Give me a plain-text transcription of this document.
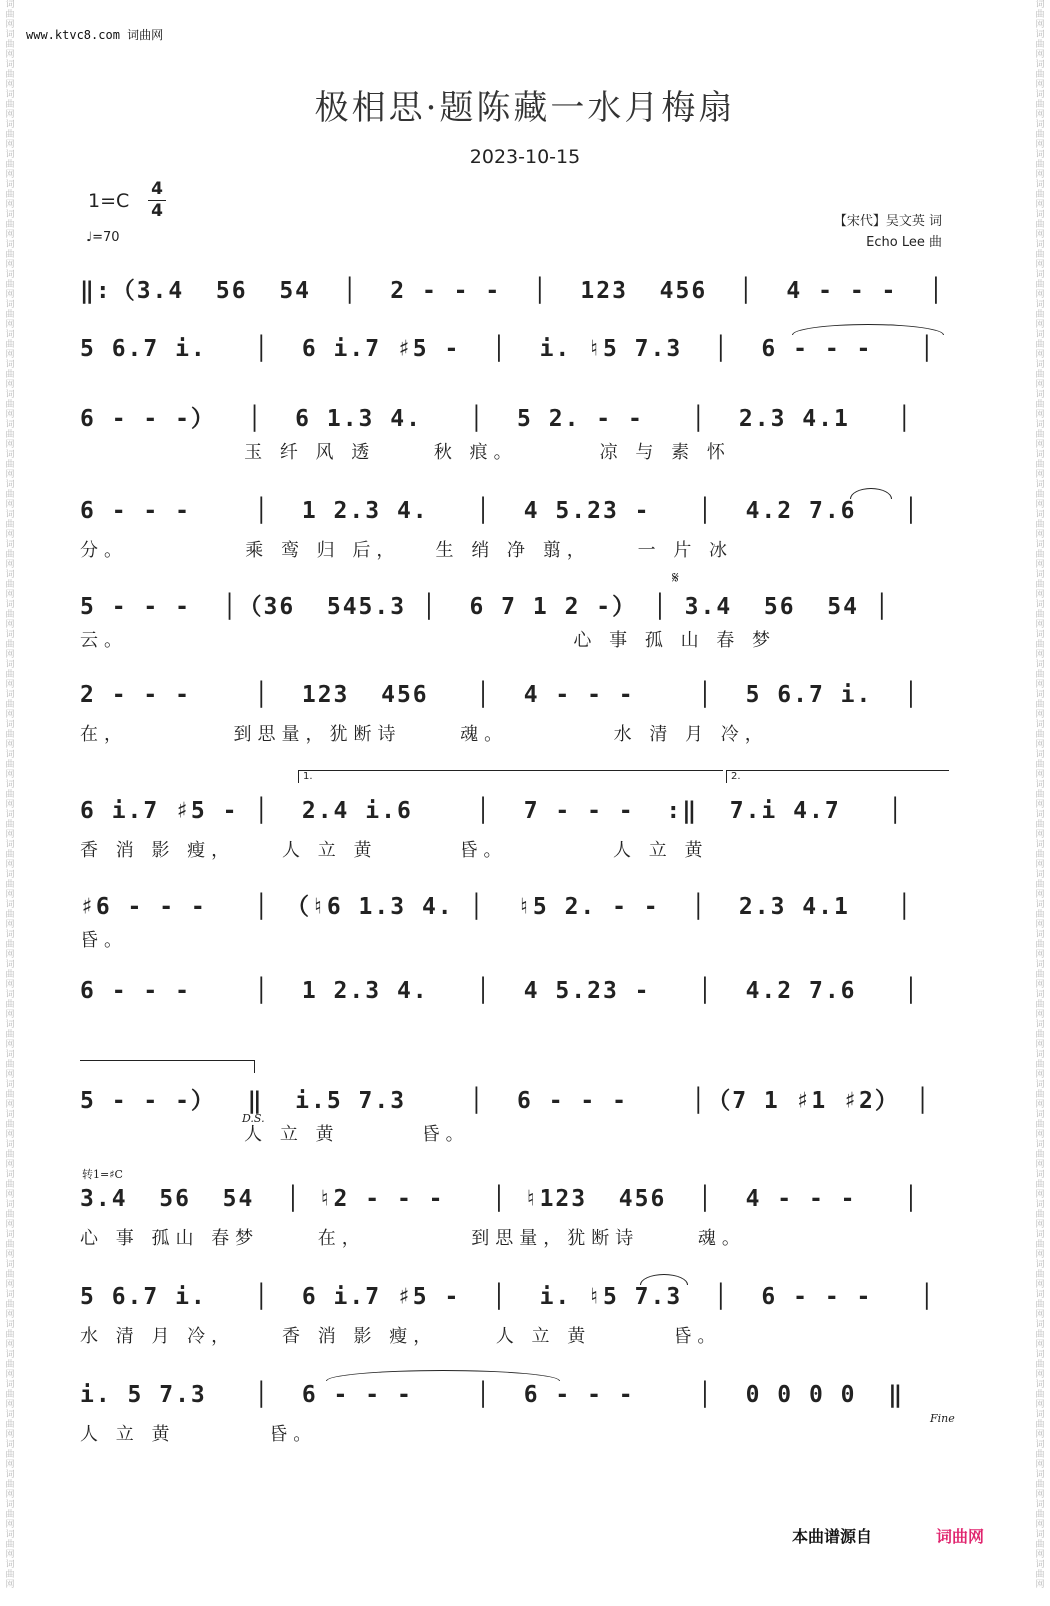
词曲网词曲网词曲网词曲网词曲网词曲网词曲网词曲网词曲网词曲网词曲网词曲网词曲网词曲网词曲网词曲网词曲网词曲网词曲网词曲网词曲网词曲网词曲网词曲网词曲网词曲网词曲网词曲网词曲网词曲网词曲网词曲网词曲网词曲网词曲网词曲网词曲网词曲网词曲网词曲网词曲网词曲网词曲网词曲网词曲网词曲网词曲网词曲网词曲网词曲网词曲网词曲网词曲网
词曲网词曲网词曲网词曲网词曲网词曲网词曲网词曲网词曲网词曲网词曲网词曲网词曲网词曲网词曲网词曲网词曲网词曲网词曲网词曲网词曲网词曲网词曲网词曲网词曲网词曲网词曲网词曲网词曲网词曲网词曲网词曲网词曲网词曲网词曲网词曲网词曲网词曲网词曲网词曲网词曲网词曲网词曲网词曲网词曲网词曲网词曲网词曲网词曲网词曲网词曲网词曲网词曲网
www.ktvc8.com 词曲网
极相思·题陈藏一水月梅扇
2023-10-15
1=C
4
4
♩=70
【宋代】吴文英 词
Echo Lee 曲
‖:（3.4  56  54  │  2 - - -  │  123  456  │  4 - - -  │
5 6.7 i.   │  6 i.7 ♯5 -  │  i. ♮5 7.3  │  6 - - -   │
6 - - -）  │  6 1.3 4.   │  5 2. - -   │  2.3 4.1   │
玉 纤 风 透     秋 痕。       凉 与 素 怀
6 - - -    │  1 2.3 4.   │  4 5.23 -   │  4.2 7.6   │
分。          乘 鸾 归 后，   生 绡 净 翦，    一 片 冰
𝄋
5 - - -  │（36  545.3 │  6 7 1 2 -） │ 3.4  56  54 │
云。                                      心 事 孤 山 春 梦
2 - - -    │  123  456   │  4 - - -    │  5 6.7 i.  │
在，         到思量，犹断诗     魂。         水 清 月 冷，
1.	2.
6 i.7 ♯5 - │  2.4 i.6    │  7 - - -  :‖  7.i 4.7   │
香 消 影 瘦，    人 立 黄       昏。         人 立 黄
♯6 - - -   │ （♮6 1.3 4. │  ♮5 2. - -  │  2.3 4.1   │
昏。
6 - - -    │  1 2.3 4.   │  4 5.23 -   │  4.2 7.6   │
D.S.
5 - - -）  ‖  i.5 7.3    │  6 - - -    │（7 1 ♯1 ♯2） │
人 立 黄       昏。
转1=♯C
3.4  56  54  │ ♮2 - - -   │ ♮123  456  │  4 - - -   │
心 事 孤山 春梦     在，         到思量，犹断诗     魂。
5 6.7 i.   │  6 i.7 ♯5 -  │  i. ♮5 7.3  │  6 - - -   │
水 清 月 冷，    香 消 影 瘦，     人 立 黄       昏。
Fine
i. 5 7.3   │  6 - - -    │  6 - - -    │  0 0 0 0  ‖
人 立 黄        昏。
本曲谱源自	词曲网
